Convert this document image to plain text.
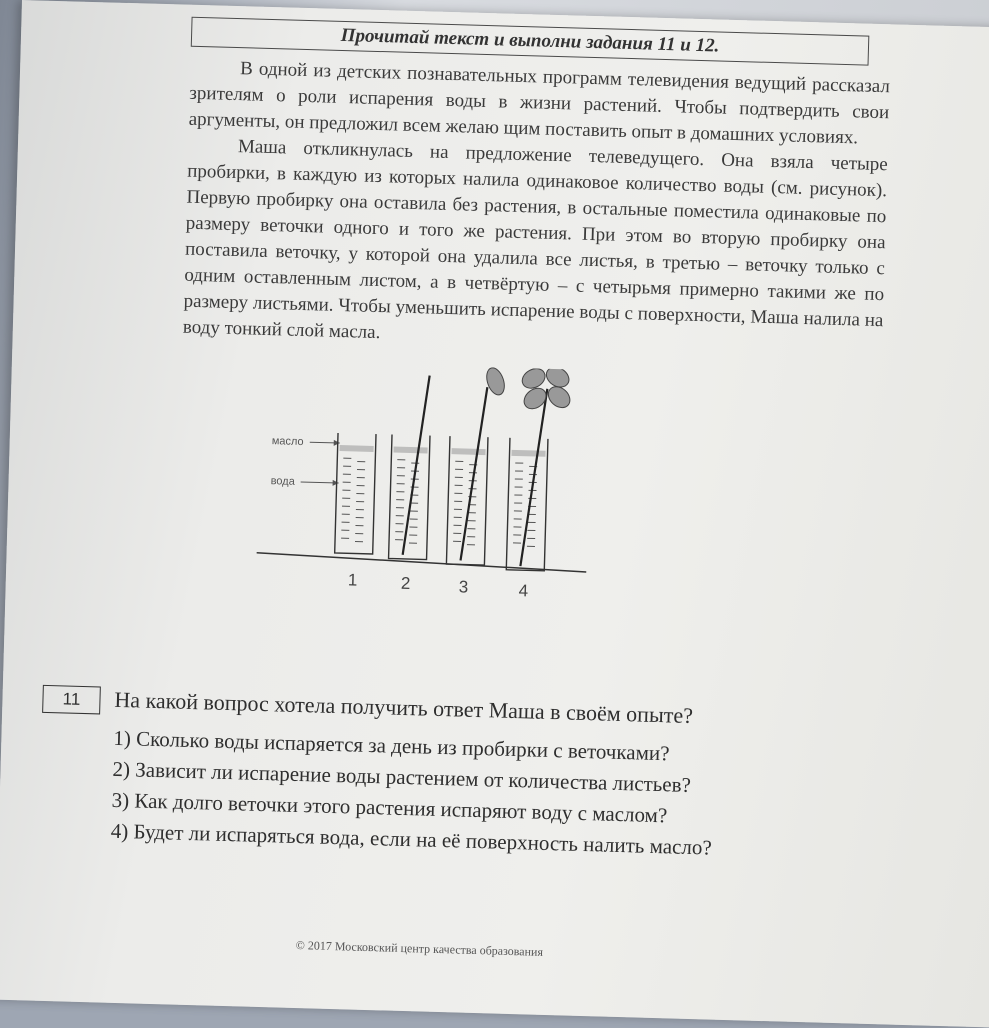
Прочитай текст и выполни задания 11 и 12.

В одной из детских познавательных программ телевидения ведущий рассказал зрителям о роли испарения воды в жизни растений. Чтобы подтвердить свои аргументы, он предложил всем желаю щим поставить опыт в домашних условиях.

Маша откликнулась на предложение телеведущего. Она взяла четыре пробирки, в каждую из которых налила одинаковое количество воды (см. рисунок). Первую пробирку она оставила без растения, в остальные поместила одинаковые по размеру веточки одного и того же растения. При этом во вторую пробирку она поставила веточку, у которой она удалила все листья, в третью – веточку только с одним оставленным листом, а в четвёртую – с четырьмя примерно такими же по размеру листьями. Чтобы уменьшить испарение воды с поверхности, Маша налила на воду тонкий слой масла.

масло
вода
1	2	3	4
11	На какой вопрос хотела получить ответ Маша в своём опыте?
1) Сколько воды испаряется за день из пробирки с веточками?
2) Зависит ли испарение воды растением от количества листьев?
3) Как долго веточки этого растения испаряют воду с маслом?
4) Будет ли испаряться вода, если на её поверхность налить масло?
© 2017 Московский центр качества образования
